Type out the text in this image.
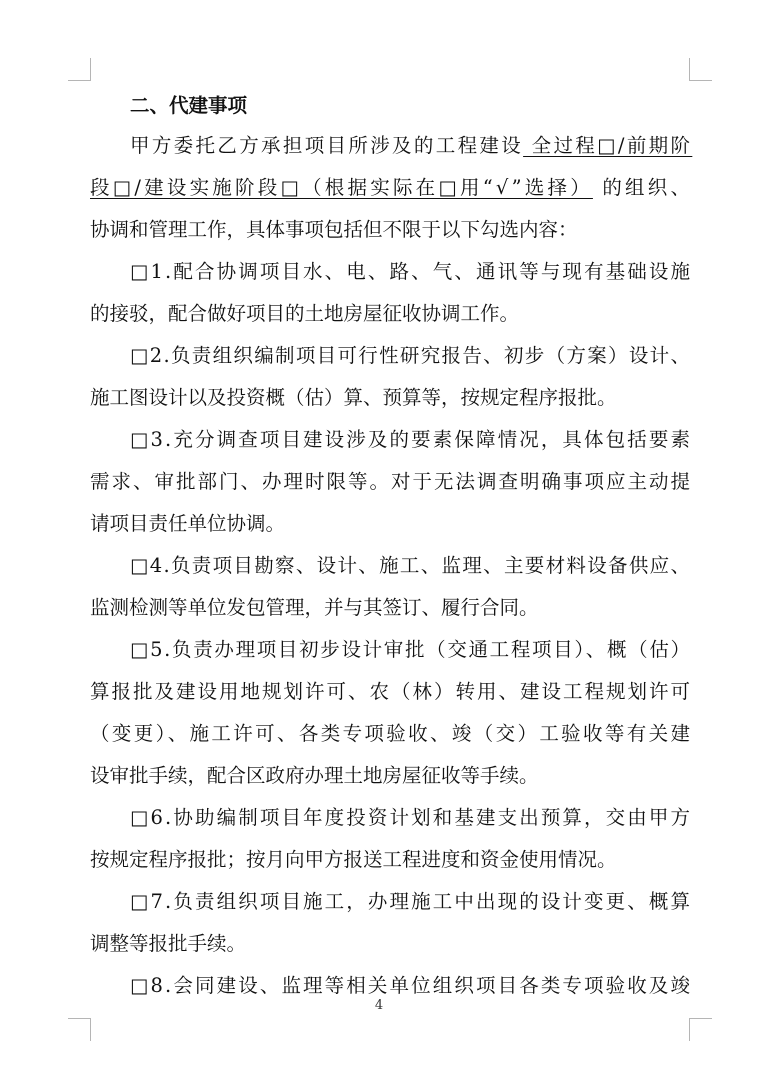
二、代建事项
甲方委托乙方承担项目所涉及的工程建设 全过程□/前期阶
段□/建设实施阶段□（根据实际在□用“√”选择） 的组织、
协调和管理工作，具体事项包括但不限于以下勾选内容：
□1.配合协调项目水、电、路、气、通讯等与现有基础设施
的接驳，配合做好项目的土地房屋征收协调工作。
□2.负责组织编制项目可行性研究报告、初步（方案）设计、
施工图设计以及投资概（估）算、预算等，按规定程序报批。
□3.充分调查项目建设涉及的要素保障情况，具体包括要素
需求、审批部门、办理时限等。对于无法调查明确事项应主动提
请项目责任单位协调。
□4.负责项目勘察、设计、施工、监理、主要材料设备供应、
监测检测等单位发包管理，并与其签订、履行合同。
□5.负责办理项目初步设计审批（交通工程项目）、概（估）
算报批及建设用地规划许可、农（林）转用、建设工程规划许可
（变更）、施工许可、各类专项验收、竣（交）工验收等有关建
设审批手续，配合区政府办理土地房屋征收等手续。
□6.协助编制项目年度投资计划和基建支出预算，交由甲方
按规定程序报批；按月向甲方报送工程进度和资金使用情况。
□7.负责组织项目施工，办理施工中出现的设计变更、概算
调整等报批手续。
□8.会同建设、监理等相关单位组织项目各类专项验收及竣
4
